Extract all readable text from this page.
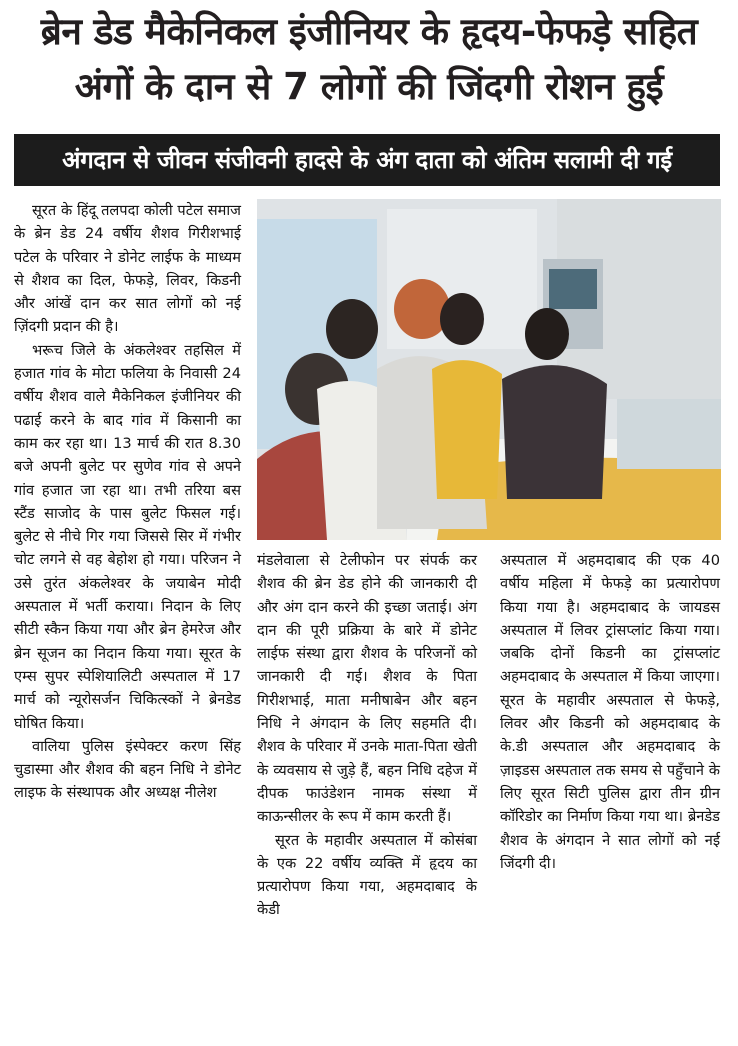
ब्रेन डेड मैकेनिकल इंजीनियर के हृदय-फेफड़े सहित
अंगों के दान से 7 लोगों की जिंदगी रोशन हुई
अंगदान से जीवन संजीवनी हादसे के अंग दाता को अंतिम सलामी दी गई

सूरत के हिंदू तलपदा कोली पटेल समाज के ब्रेन डेड 24 वर्षीय शैशव गिरीशभाई पटेल के परिवार ने डोनेट लाईफ के माध्यम से शैशव का दिल, फेफड़े, लिवर, किडनी और आंखें दान कर सात लोगों को नई ज़िंदगी प्रदान की है।

भरूच जिले के अंकलेश्वर तहसिल में हजात गांव के मोटा फलिया के निवासी 24 वर्षीय शैशव वाले मैकेनिकल इंजीनियर की पढाई करने के बाद गांव में किसानी का काम कर रहा था। 13 मार्च की रात 8.30 बजे अपनी बुलेट पर सुणेव गांव से अपने गांव हजात जा रहा था। तभी तरिया बस स्टैंड साजोद के पास बुलेट फिसल गई। बुलेट से नीचे गिर गया जिससे सिर में गंभीर चोट लगने से वह बेहोश हो गया। परिजन ने उसे तुरंत अंकलेश्वर के जयाबेन मोदी अस्पताल में भर्ती कराया। निदान के लिए सीटी स्कैन किया गया और ब्रेन हेमरेज और ब्रेन सूजन का निदान किया गया। सूरत के एम्स सुपर स्पेशियालिटी अस्पताल में 17 मार्च को न्यूरोसर्जन चिकित्स्कों ने ब्रेनडेड घोषित किया।

वालिया पुलिस इंस्पेक्टर करण सिंह चुडास्मा और शैशव की बहन निधि ने डोनेट लाइफ के संस्थापक और अध्यक्ष नीलेश

मंडलेवाला से टेलीफोन पर संपर्क कर शैशव की ब्रेन डेड होने की जानकारी दी और अंग दान करने की इच्छा जताई। अंग दान की पूरी प्रक्रिया के बारे में डोनेट लाईफ संस्था द्वारा शैशव के परिजनों को जानकारी दी गई। शैशव के पिता गिरीशभाई, माता मनीषाबेन और बहन निधि ने अंगदान के लिए सहमति दी। शैशव के परिवार में उनके माता-पिता खेती के व्यवसाय से जुड़े हैं, बहन निधि दहेज में दीपक फाउंडेशन नामक संस्था में काऊन्सीलर के रूप में काम करती हैं।

सूरत के महावीर अस्पताल में कोसंबा के एक 22 वर्षीय व्यक्ति में हृदय का प्रत्यारोपण किया गया, अहमदाबाद के केडी

अस्पताल में अहमदाबाद की एक 40 वर्षीय महिला में फेफड़े का प्रत्यारोपण किया गया है। अहमदाबाद के जायडस अस्पताल में लिवर ट्रांसप्लांट किया गया। जबकि दोनों किडनी का ट्रांसप्लांट अहमदाबाद के अस्पताल में किया जाएगा। सूरत के महावीर अस्पताल से फेफड़े, लिवर और किडनी को अहमदाबाद के के.डी अस्पताल और अहमदाबाद के ज़ाइडस अस्पताल तक समय से पहुँचाने के लिए सूरत सिटी पुलिस द्वारा तीन ग्रीन कॉरिडोर का निर्माण किया गया था। ब्रेनडेड शैशव के अंगदान ने सात लोगों को नई जिंदगी दी।
